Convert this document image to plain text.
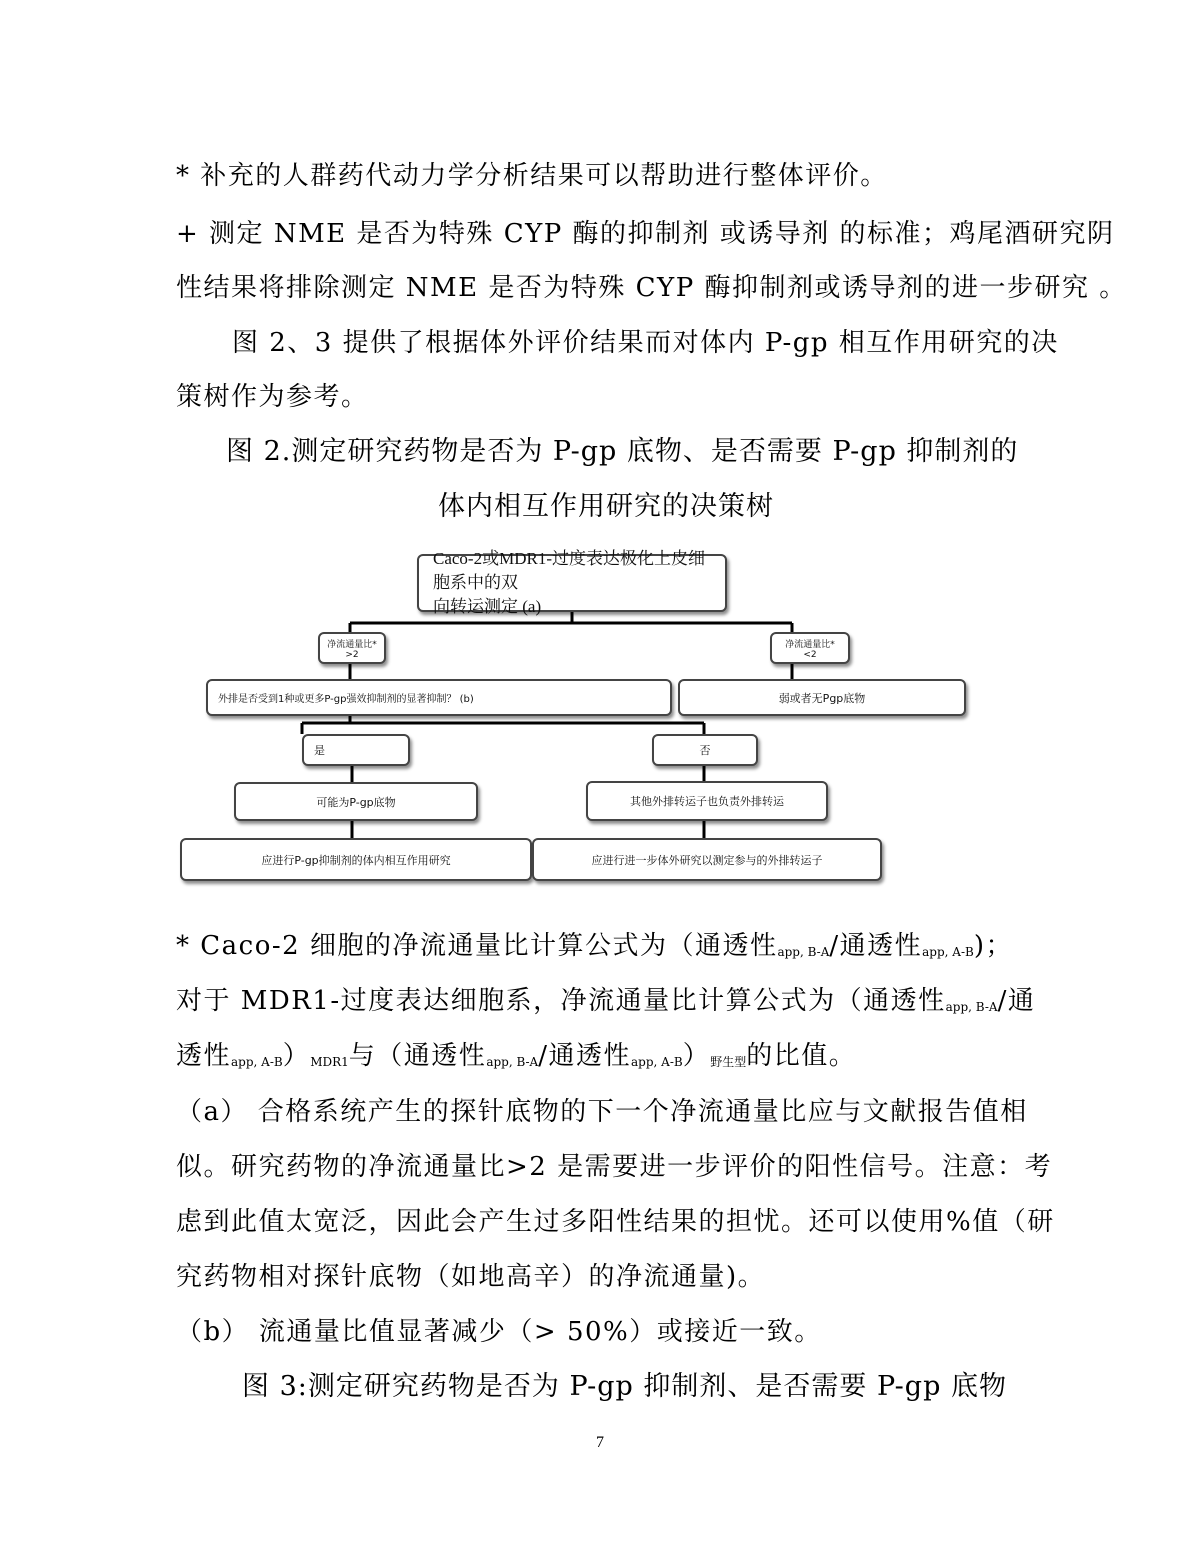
* 补充的人群药代动力学分析结果可以帮助进行整体评价。
+ 测定 NME 是否为特殊 CYP 酶的抑制剂 或诱导剂 的标准；鸡尾酒研究阴
性结果将排除测定 NME 是否为特殊 CYP 酶抑制剂或诱导剂的进一步研究 。
图 2、3 提供了根据体外评价结果而对体内 P-gp 相互作用研究的决
策树作为参考。
图 2.测定研究药物是否为 P-gp 底物、是否需要 P-gp 抑制剂的
体内相互作用研究的决策树
Caco-2或MDR1-过度表达极化上皮细胞系中的双
向转运测定 (a)
净流通量比* >2
净流通量比* <2
外排是否受到1种或更多P-gp强效抑制剂的显著抑制？ (b)	弱或者无Pgp底物
是	否
可能为P-gp底物	其他外排转运子也负责外排转运
应进行P-gp抑制剂的体内相互作用研究	应进行进一步体外研究以测定参与的外排转运子
* Caco-2 细胞的净流通量比计算公式为（通透性$_{app, B-A}$/通透性$_{app, A-B}$)；
对于 MDR1-过度表达细胞系，净流通量比计算公式为（通透性$_{app, B-A}$/通
透性$_{app, A-B})_{MDR1}$与（通透性$_{app, B-A}$/通透性$_{app, A-B})_{野生型}$的比值。
（a） 合格系统产生的探针底物的下一个净流通量比应与文献报告值相
似。研究药物的净流通量比>2 是需要进一步评价的阳性信号。注意：考
虑到此值太宽泛，因此会产生过多阳性结果的担忧。还可以使用%值（研
究药物相对探针底物（如地高辛）的净流通量)。
（b） 流通量比值显著减少（> 50%）或接近一致。
图 3:测定研究药物是否为 P-gp 抑制剂、是否需要 P-gp 底物
7
